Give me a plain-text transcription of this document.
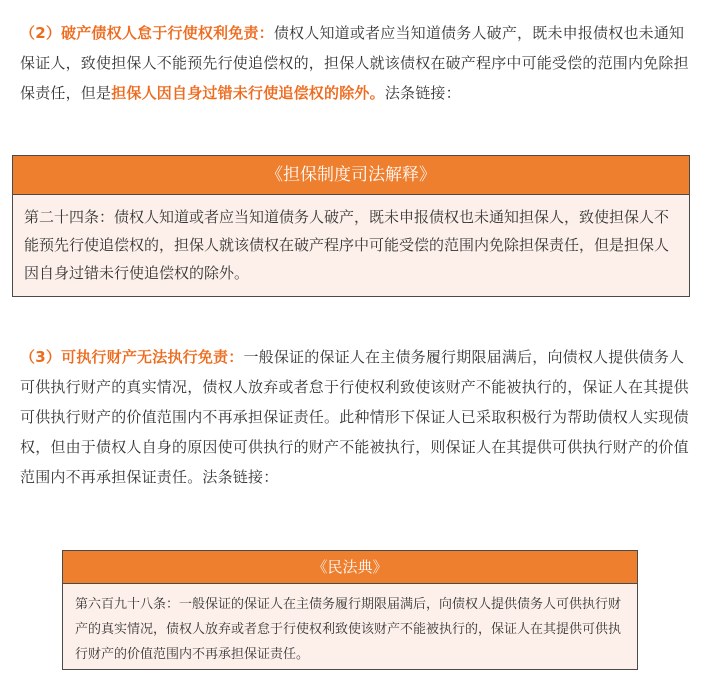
（2）破产债权人怠于行使权利免责：债权人知道或者应当知道债务人破产，既未申报债权也未通知保证人，致使担保人不能预先行使追偿权的，担保人就该债权在破产程序中可能受偿的范围内免除担保责任，但是担保人因自身过错未行使追偿权的除外。法条链接：
《担保制度司法解释》
第二十四条：债权人知道或者应当知道债务人破产，既未申报债权也未通知担保人，致使担保人不能预先行使追偿权的，担保人就该债权在破产程序中可能受偿的范围内免除担保责任，但是担保人因自身过错未行使追偿权的除外。
（3）可执行财产无法执行免责：一般保证的保证人在主债务履行期限届满后，向债权人提供债务人可供执行财产的真实情况，债权人放弃或者怠于行使权利致使该财产不能被执行的，保证人在其提供可供执行财产的价值范围内不再承担保证责任。此种情形下保证人已采取积极行为帮助债权人实现债权，但由于债权人自身的原因使可供执行的财产不能被执行，则保证人在其提供可供执行财产的价值范围内不再承担保证责任。法条链接：
《民法典》
第六百九十八条：一般保证的保证人在主债务履行期限届满后，向债权人提供债务人可供执行财产的真实情况，债权人放弃或者怠于行使权利致使该财产不能被执行的，保证人在其提供可供执行财产的价值范围内不再承担保证责任。
